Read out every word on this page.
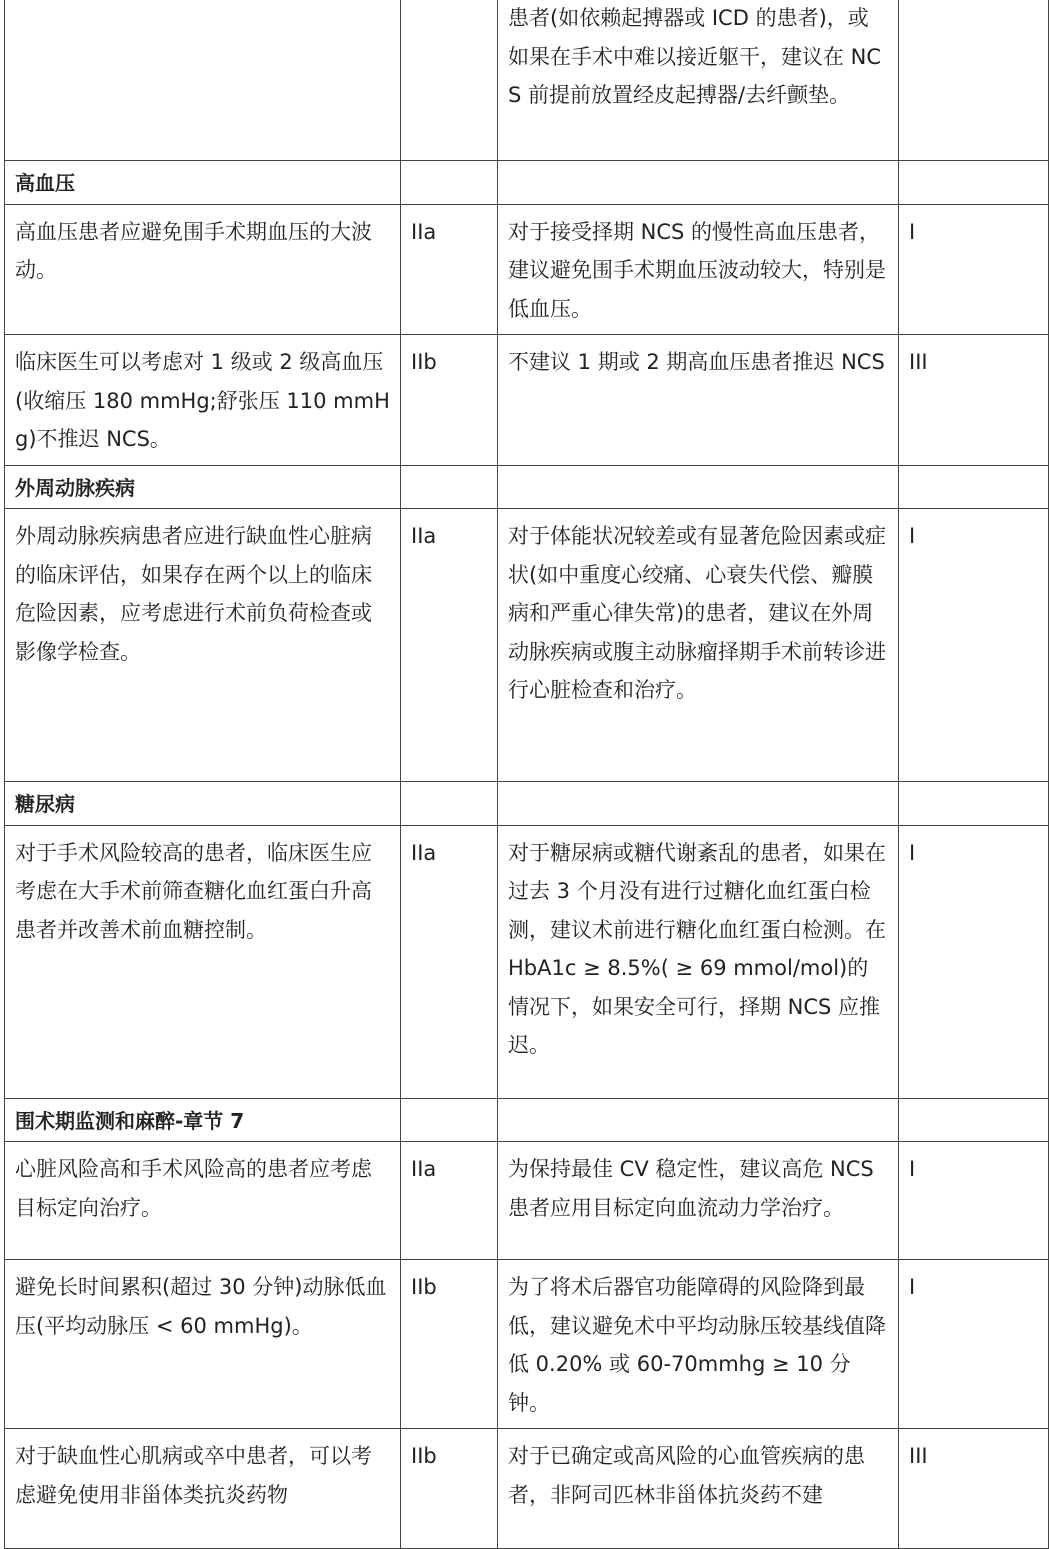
		患者(如依赖起搏器或 ICD 的患者)，或如果在手术中难以接近躯干，建议在 NCS 前提前放置经皮起搏器/去纤颤垫。	

高血压			

高血压患者应避免围手术期血压的大波动。	IIa	对于接受择期 NCS 的慢性高血压患者，建议避免围手术期血压波动较大，特别是低血压。	I

临床医生可以考虑对 1 级或 2 级高血压(收缩压 180 mmHg;舒张压 110 mmHg)不推迟 NCS。	IIb	不建议 1 期或 2 期高血压患者推迟 NCS	III

外周动脉疾病			

外周动脉疾病患者应进行缺血性心脏病的临床评估，如果存在两个以上的临床危险因素，应考虑进行术前负荷检查或影像学检查。	IIa	对于体能状况较差或有显著危险因素或症状(如中重度心绞痛、心衰失代偿、瓣膜病和严重心律失常)的患者，建议在外周动脉疾病或腹主动脉瘤择期手术前转诊进行心脏检查和治疗。	I

糖尿病			

对于手术风险较高的患者，临床医生应考虑在大手术前筛查糖化血红蛋白升高患者并改善术前血糖控制。	IIa	对于糖尿病或糖代谢紊乱的患者，如果在过去 3 个月没有进行过糖化血红蛋白检测，建议术前进行糖化血红蛋白检测。在 HbA1c ≥ 8.5%( ≥ 69 mmol/mol)的情况下，如果安全可行，择期 NCS 应推迟。	I

围术期监测和麻醉-章节 7			

心脏风险高和手术风险高的患者应考虑目标定向治疗。	IIa	为保持最佳 CV 稳定性，建议高危 NCS 患者应用目标定向血流动力学治疗。	I

避免长时间累积(超过 30 分钟)动脉低血压(平均动脉压 < 60 mmHg)。	IIb	为了将术后器官功能障碍的风险降到最低，建议避免术中平均动脉压较基线值降低 0.20% 或 60-70mmhg ≥ 10 分钟。	I

对于缺血性心肌病或卒中患者，可以考虑避免使用非甾体类抗炎药物	IIb	对于已确定或高风险的心血管疾病的患者，非阿司匹林非甾体抗炎药不建	III
